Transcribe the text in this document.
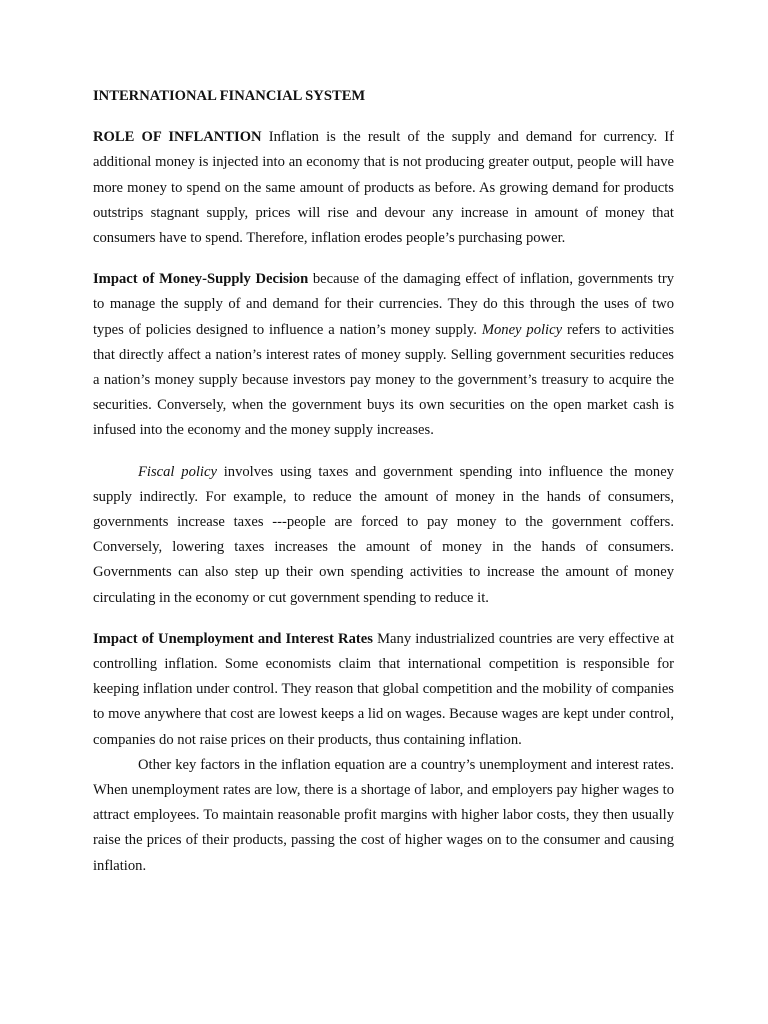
INTERNATIONAL FINANCIAL SYSTEM

ROLE OF INFLANTION Inflation is the result of the supply and demand for currency. If additional money is injected into an economy that is not producing greater output, people will have more money to spend on the same amount of products as before. As growing demand for products outstrips stagnant supply, prices will rise and devour any increase in amount of money that consumers have to spend. Therefore, inflation erodes people’s purchasing power.

Impact of Money-Supply Decision because of the damaging effect of inflation, governments try to manage the supply of and demand for their currencies. They do this through the uses of two types of policies designed to influence a nation’s money supply. Money policy refers to activities that directly affect a nation’s interest rates of money supply. Selling government securities reduces a nation’s money supply because investors pay money to the government’s treasury to acquire the securities. Conversely, when the government buys its own securities on the open market cash is infused into the economy and the money supply increases.

Fiscal policy involves using taxes and government spending into influence the money supply indirectly. For example, to reduce the amount of money in the hands of consumers, governments increase taxes ---people are forced to pay money to the government coffers. Conversely, lowering taxes increases the amount of money in the hands of consumers. Governments can also step up their own spending activities to increase the amount of money circulating in the economy or cut government spending to reduce it.

Impact of Unemployment and Interest Rates Many industrialized countries are very effective at controlling inflation. Some economists claim that international competition is responsible for keeping inflation under control. They reason that global competition and the mobility of companies to move anywhere that cost are lowest keeps a lid on wages. Because wages are kept under control, companies do not raise prices on their products, thus containing inflation.

Other key factors in the inflation equation are a country’s unemployment and interest rates. When unemployment rates are low, there is a shortage of labor, and employers pay higher wages to attract employees. To maintain reasonable profit margins with higher labor costs, they then usually raise the prices of their products, passing the cost of higher wages on to the consumer and causing inflation.
